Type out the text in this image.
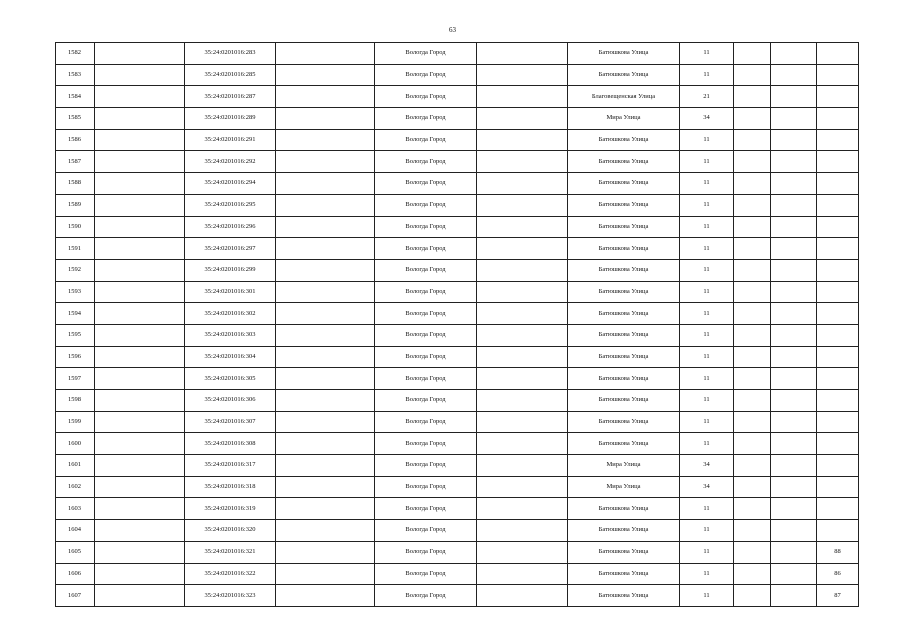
63
1582		35:24:0201016:283		Вологда Город		Батюшкова Улица	11			
1583		35:24:0201016:285		Вологда Город		Батюшкова Улица	11			
1584		35:24:0201016:287		Вологда Город		Благовещенская Улица	21			
1585		35:24:0201016:289		Вологда Город		Мира Улица	34			
1586		35:24:0201016:291		Вологда Город		Батюшкова Улица	11			
1587		35:24:0201016:292		Вологда Город		Батюшкова Улица	11			
1588		35:24:0201016:294		Вологда Город		Батюшкова Улица	11			
1589		35:24:0201016:295		Вологда Город		Батюшкова Улица	11			
1590		35:24:0201016:296		Вологда Город		Батюшкова Улица	11			
1591		35:24:0201016:297		Вологда Город		Батюшкова Улица	11			
1592		35:24:0201016:299		Вологда Город		Батюшкова Улица	11			
1593		35:24:0201016:301		Вологда Город		Батюшкова Улица	11			
1594		35:24:0201016:302		Вологда Город		Батюшкова Улица	11			
1595		35:24:0201016:303		Вологда Город		Батюшкова Улица	11			
1596		35:24:0201016:304		Вологда Город		Батюшкова Улица	11			
1597		35:24:0201016:305		Вологда Город		Батюшкова Улица	11			
1598		35:24:0201016:306		Вологда Город		Батюшкова Улица	11			
1599		35:24:0201016:307		Вологда Город		Батюшкова Улица	11			
1600		35:24:0201016:308		Вологда Город		Батюшкова Улица	11			
1601		35:24:0201016:317		Вологда Город		Мира Улица	34			
1602		35:24:0201016:318		Вологда Город		Мира Улица	34			
1603		35:24:0201016:319		Вологда Город		Батюшкова Улица	11			
1604		35:24:0201016:320		Вологда Город		Батюшкова Улица	11			
1605		35:24:0201016:321		Вологда Город		Батюшкова Улица	11			88
1606		35:24:0201016:322		Вологда Город		Батюшкова Улица	11			86
1607		35:24:0201016:323		Вологда Город		Батюшкова Улица	11			87
